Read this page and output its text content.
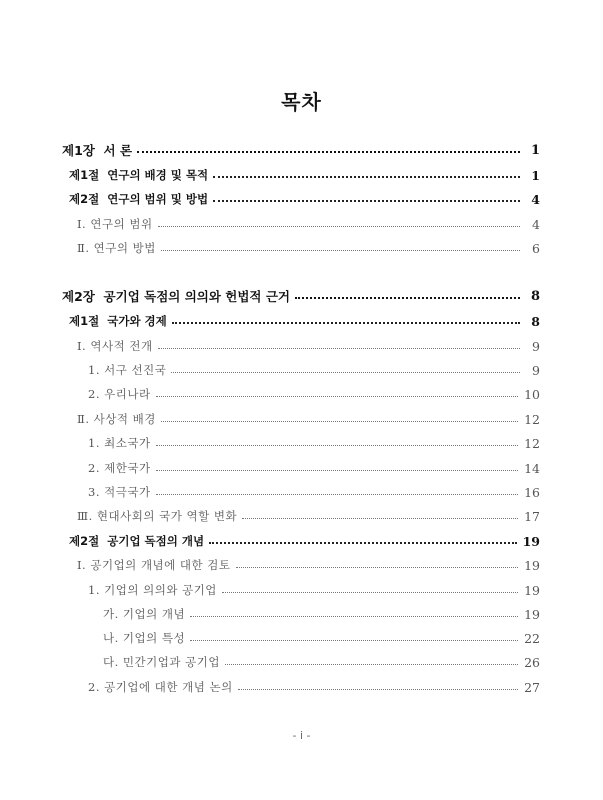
목차
제1장  서 론	1
제1절  연구의 배경 및 목적	1
제2절  연구의 범위 및 방법	4
Ⅰ. 연구의 범위	4
Ⅱ. 연구의 방법	6
제2장  공기업 독점의 의의와 헌법적 근거	8
제1절  국가와 경제	8
Ⅰ. 역사적 전개	9
1. 서구 선진국	9
2. 우리나라	10
Ⅱ. 사상적 배경	12
1. 최소국가	12
2. 제한국가	14
3. 적극국가	16
Ⅲ. 현대사회의 국가 역할 변화	17
제2절  공기업 독점의 개념	19
Ⅰ. 공기업의 개념에 대한 검토	19
1. 기업의 의의와 공기업	19
가. 기업의 개념	19
나. 기업의 특성	22
다. 민간기업과 공기업	26
2. 공기업에 대한 개념 논의	27
- i -
